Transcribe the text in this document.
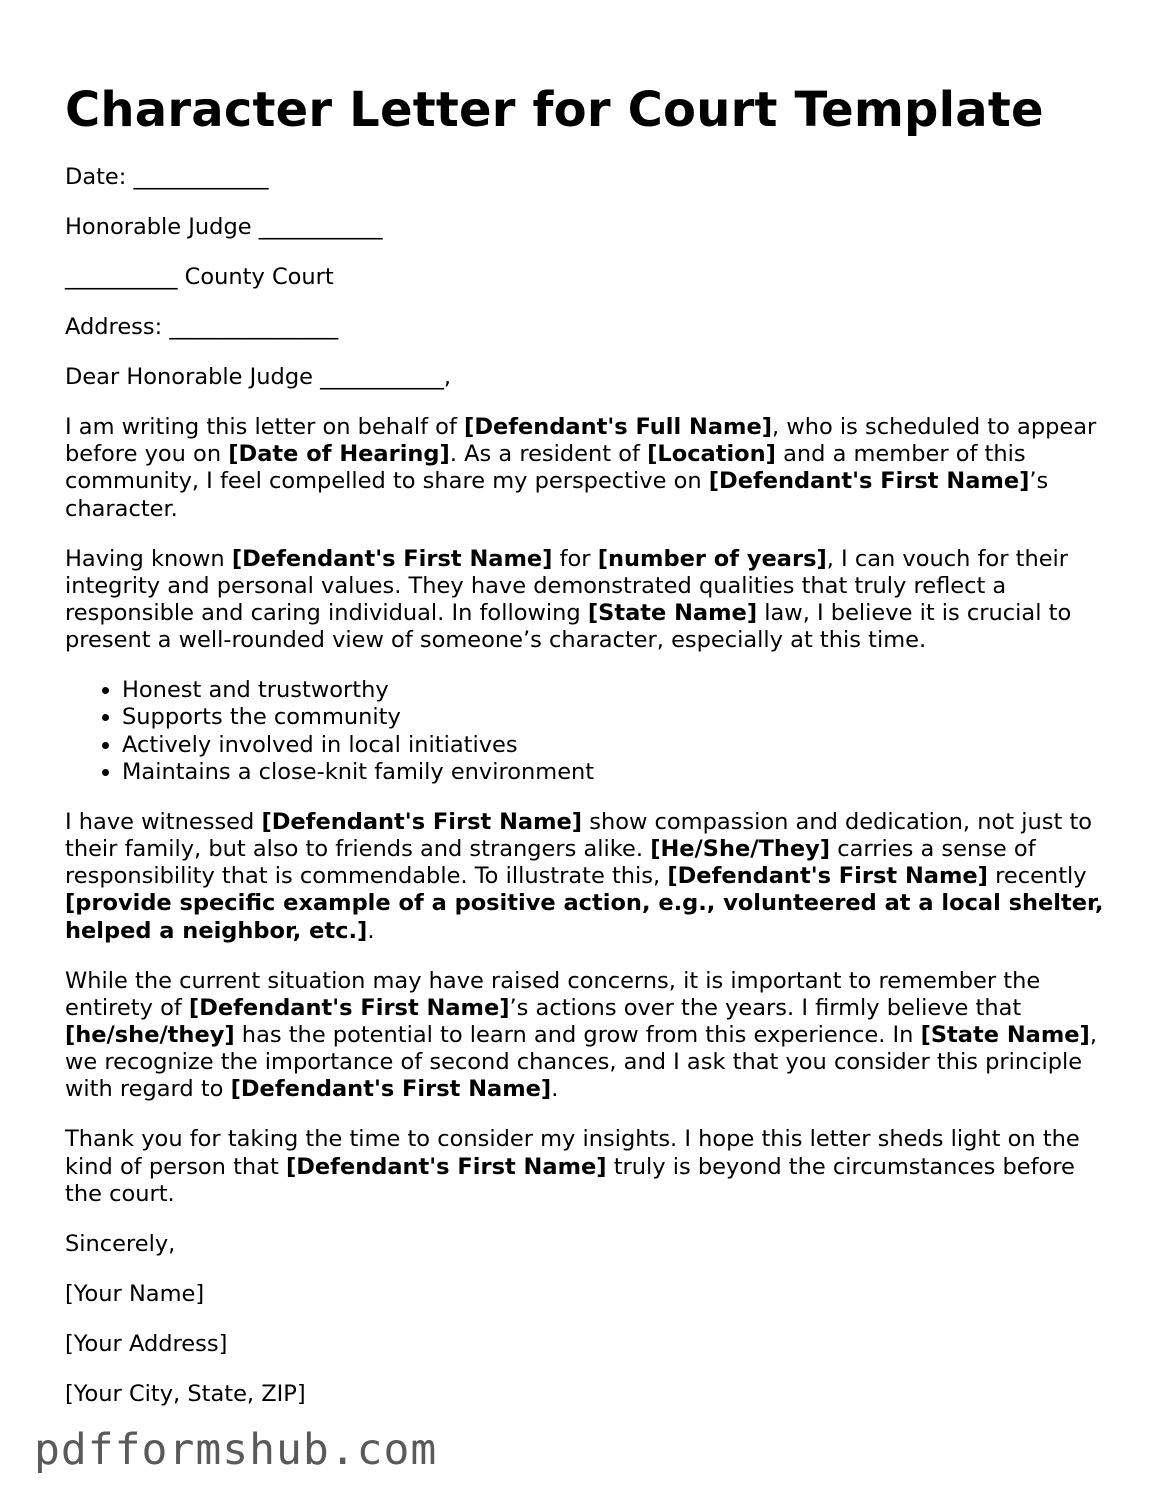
Character Letter for Court Template

Date: ____________

Honorable Judge ___________

__________ County Court

Address: _______________

Dear Honorable Judge ___________,

I am writing this letter on behalf of [Defendant's Full Name], who is scheduled to appear before you on [Date of Hearing]. As a resident of [Location] and a member of this community, I feel compelled to share my perspective on [Defendant's First Name]’s character.

Having known [Defendant's First Name] for [number of years], I can vouch for their integrity and personal values. They have demonstrated qualities that truly reflect a responsible and caring individual. In following [State Name] law, I believe it is crucial to present a well-rounded view of someone’s character, especially at this time.

• Honest and trustworthy
• Supports the community
• Actively involved in local initiatives
• Maintains a close-knit family environment

I have witnessed [Defendant's First Name] show compassion and dedication, not just to their family, but also to friends and strangers alike. [He/She/They] carries a sense of responsibility that is commendable. To illustrate this, [Defendant's First Name] recently [provide specific example of a positive action, e.g., volunteered at a local shelter, helped a neighbor, etc.].

While the current situation may have raised concerns, it is important to remember the entirety of [Defendant's First Name]’s actions over the years. I firmly believe that [he/she/they] has the potential to learn and grow from this experience. In [State Name], we recognize the importance of second chances, and I ask that you consider this principle with regard to [Defendant's First Name].

Thank you for taking the time to consider my insights. I hope this letter sheds light on the kind of person that [Defendant's First Name] truly is beyond the circumstances before the court.

Sincerely,

[Your Name]

[Your Address]

[Your City, State, ZIP]

pdfformshub.com
